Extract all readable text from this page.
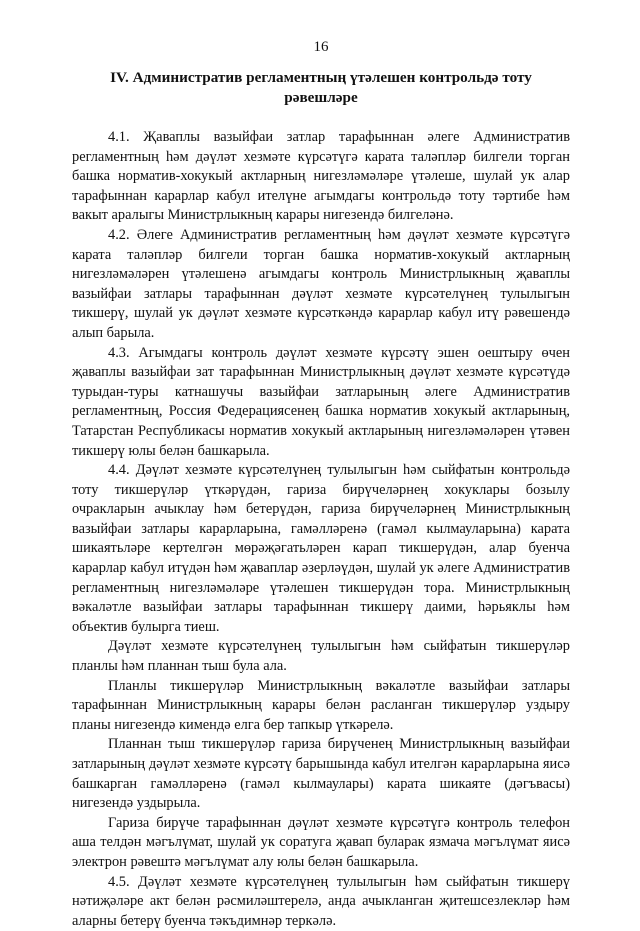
16
IV. Административ регламентның үтәлешен контрольдә тоту рәвешләре

4.1. Җаваплы вазыйфаи затлар тарафыннан әлеге Административ регламентның һәм дәүләт хезмәте күрсәтүгә карата таләпләр билгели торган башка норматив-хокукый актларның нигезләмәләре үтәлеше, шулай ук алар тарафыннан карарлар кабул ителүне агымдагы контрольдә тоту тәртибе һәм вакыт аралыгы Министрлыкның карары нигезендә билгеләнә.

4.2. Әлеге Административ регламентның һәм дәүләт хезмәте күрсәтүгә карата таләпләр билгели торган башка норматив-хокукый актларның нигезләмәләрен үтәлешенә агымдагы контроль Министрлыкның җаваплы вазыйфаи затлары тарафыннан дәүләт хезмәте күрсәтелүнең тулылыгын тикшерү, шулай ук дәүләт хезмәте күрсәткәндә карарлар кабул итү рәвешендә алып барыла.

4.3. Агымдагы контроль дәүләт хезмәте күрсәтү эшен оештыру өчен җаваплы вазыйфаи зат тарафыннан Министрлыкның дәүләт хезмәте күрсәтүдә турыдан-туры катнашучы вазыйфаи затларының әлеге Административ регламентның, Россия Федерациясенең башка норматив хокукый актларының, Татарстан Республикасы норматив хокукый актларының нигезләмәләрен үтәвен тикшерү юлы белән башкарыла.

4.4. Дәүләт хезмәте күрсәтелүнең тулылыгын һәм сыйфатын контрольдә тоту тикшерүләр үткәрүдән, гариза бирүчеләрнең хокуклары бозылу очракларын ачыклау һәм бетерүдән, гариза бирүчеләрнең Министрлыкның вазыйфаи затлары карарларына, гамәлләренә (гамәл кылмауларына) карата шикаятьләре кертелгән мөрәҗәгатьләрен карап тикшерүдән, алар буенча карарлар кабул итүдән һәм җаваплар әзерләүдән, шулай ук әлеге Административ регламентның нигезләмәләре үтәлешен тикшерүдән тора. Министрлыкның вәкаләтле вазыйфаи затлары тарафыннан тикшерү даими, һәрьяклы һәм объектив булырга тиеш.

Дәүләт хезмәте күрсәтелүнең тулылыгын һәм сыйфатын тикшерүләр планлы һәм планнан тыш була ала.

Планлы тикшерүләр Министрлыкның вәкаләтле вазыйфаи затлары тарафыннан Министрлыкның карары белән расланган тикшерүләр уздыру планы нигезендә кимендә елга бер тапкыр үткәрелә.

Планнан тыш тикшерүләр гариза бирүченең Министрлыкның вазыйфаи затларының дәүләт хезмәте күрсәтү барышында кабул ителгән карарларына яисә башкарган гамәлләренә (гамәл кылмаулары) карата шикаяте (дәгъвасы) нигезендә уздырыла.

Гариза бирүче тарафыннан дәүләт хезмәте күрсәтүгә контроль телефон аша телдән мәгълүмат, шулай ук соратуга җавап буларак язмача мәгълүмат яисә электрон рәвештә мәгълүмат алу юлы белән башкарыла.

4.5. Дәүләт хезмәте күрсәтелүнең тулылыгын һәм сыйфатын тикшерү нәтиҗәләре акт белән рәсмиләштерелә, анда ачыкланган җитешсезлекләр һәм аларны бетерү буенча тәкъдимнәр теркәлә.
